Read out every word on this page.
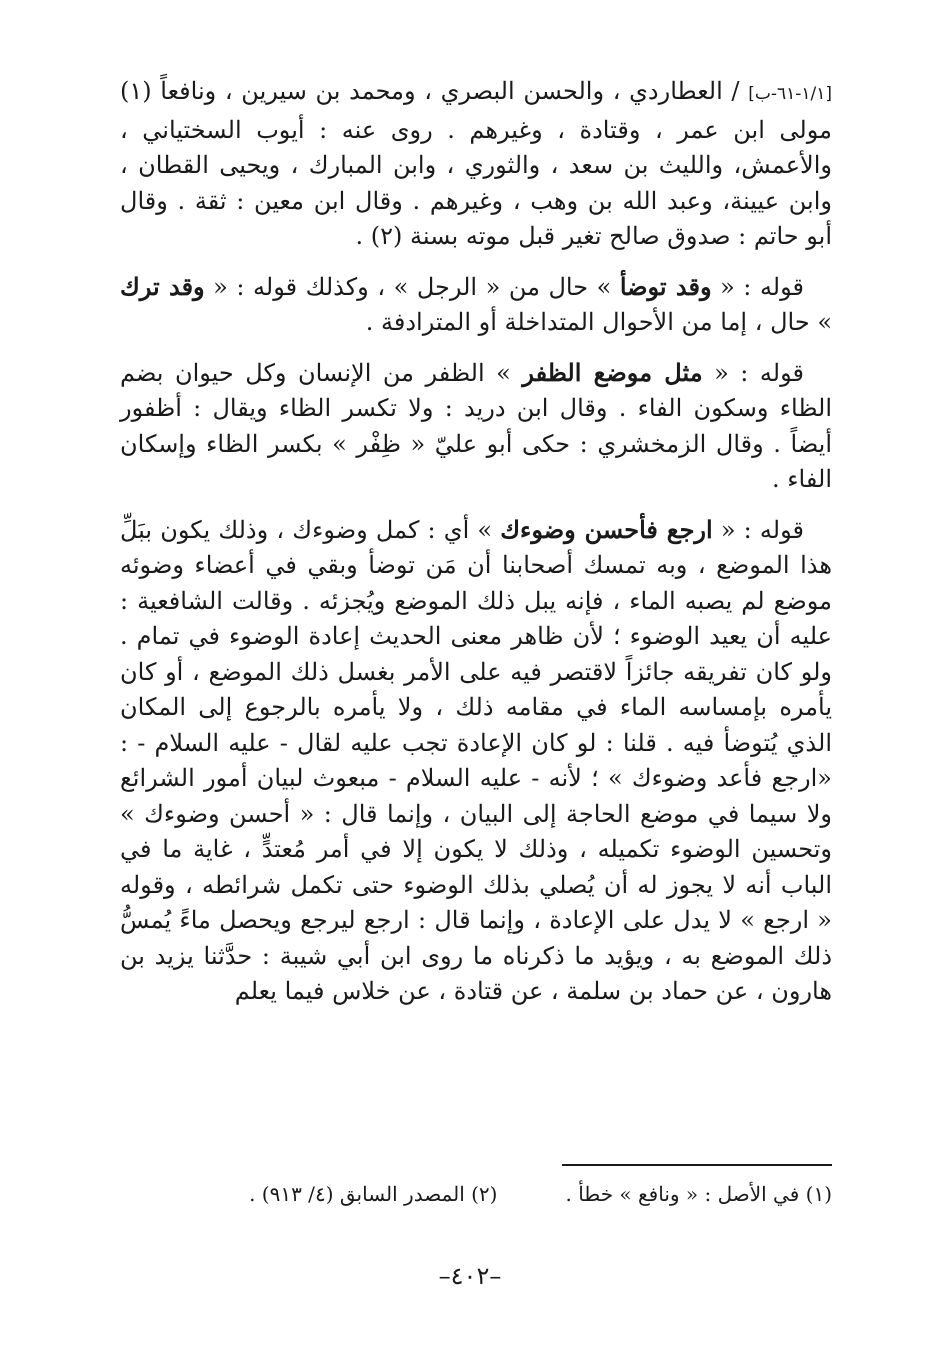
[١/١-٦١-ب] / العطاردي ، والحسن البصري ، ومحمد بن سيرين ، ونافعاً (١) مولى ابن عمر ، وقتادة ، وغيرهم . روى عنه : أيوب السختياني ، والأعمش، والليث بن سعد ، والثوري ، وابن المبارك ، ويحيى القطان ، وابن عيينة، وعبد الله بن وهب ، وغيرهم . وقال ابن معين : ثقة . وقال أبو حاتم : صدوق صالح تغير قبل موته بسنة (٢) .

قوله : « وقد توضأ » حال من « الرجل » ، وكذلك قوله : « وقد ترك » حال ، إما من الأحوال المتداخلة أو المترادفة .

قوله : « مثل موضع الظفر » الظفر من الإنسان وكل حيوان بضم الظاء وسكون الفاء . وقال ابن دريد : ولا تكسر الظاء ويقال : أظفور أيضاً . وقال الزمخشري : حكى أبو عليّ « ظِفْر » بكسر الظاء وإسكان الفاء .

قوله : « ارجع فأحسن وضوءك » أي : كمل وضوءك ، وذلك يكون ببَلِّ هذا الموضع ، وبه تمسك أصحابنا أن مَن توضأ وبقي في أعضاء وضوئه موضع لم يصبه الماء ، فإنه يبل ذلك الموضع ويُجزئه . وقالت الشافعية : عليه أن يعيد الوضوء ؛ لأن ظاهر معنى الحديث إعادة الوضوء في تمام . ولو كان تفريقه جائزاً لاقتصر فيه على الأمر بغسل ذلك الموضع ، أو كان يأمره بإمساسه الماء في مقامه ذلك ، ولا يأمره بالرجوع إلى المكان الذي يُتوضأ فيه . قلنا : لو كان الإعادة تجب عليه لقال - عليه السلام - : «ارجع فأعد وضوءك » ؛ لأنه - عليه السلام - مبعوث لبيان أمور الشرائع ولا سيما في موضع الحاجة إلى البيان ، وإنما قال : « أحسن وضوءك » وتحسين الوضوء تكميله ، وذلك لا يكون إلا في أمر مُعتدٍّ ، غاية ما في الباب أنه لا يجوز له أن يُصلي بذلك الوضوء حتى تكمل شرائطه ، وقوله « ارجع » لا يدل على الإعادة ، وإنما قال : ارجع ليرجع ويحصل ماءً يُمسُّ ذلك الموضع به ، ويؤيد ما ذكرناه ما روى ابن أبي شيبة : حدَّثنا يزيد بن هارون ، عن حماد بن سلمة ، عن قتادة ، عن خلاس فيما يعلم

(١) في الأصل : « ونافع » خطأ .(٢) المصدر السابق (٤/ ٩١٣) .
–٤٠٢–
